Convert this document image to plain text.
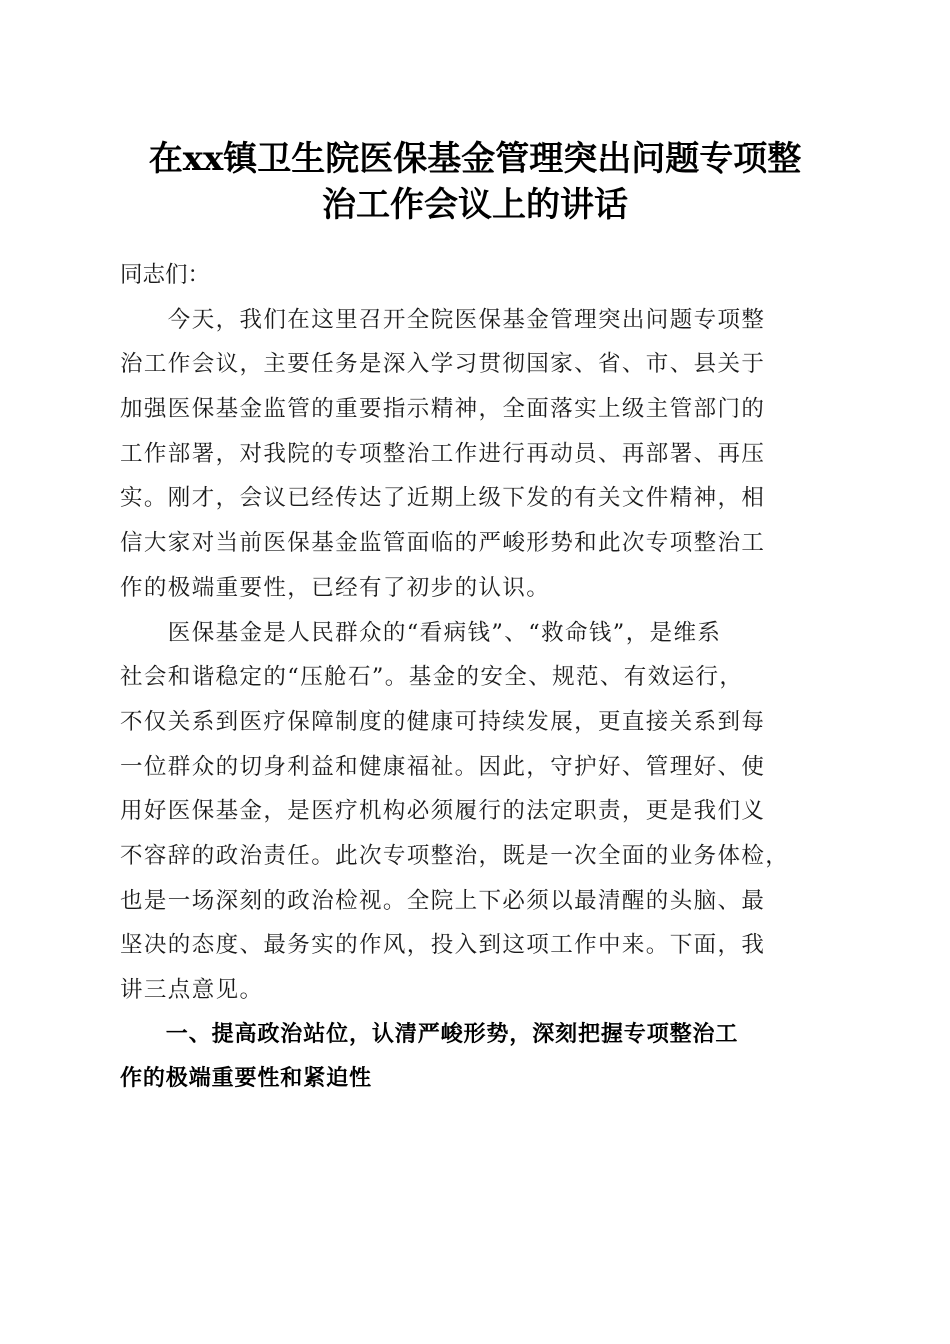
在xx镇卫生院医保基金管理突出问题专项整
治工作会议上的讲话
同志们：
　　今天，我们在这里召开全院医保基金管理突出问题专项整
治工作会议，主要任务是深入学习贯彻国家、省、市、县关于
加强医保基金监管的重要指示精神，全面落实上级主管部门的
工作部署，对我院的专项整治工作进行再动员、再部署、再压
实。刚才，会议已经传达了近期上级下发的有关文件精神，相
信大家对当前医保基金监管面临的严峻形势和此次专项整治工
作的极端重要性，已经有了初步的认识。
　　医保基金是人民群众的“看病钱”、“救命钱”，是维系
社会和谐稳定的“压舱石”。基金的安全、规范、有效运行，
不仅关系到医疗保障制度的健康可持续发展，更直接关系到每
一位群众的切身利益和健康福祉。因此，守护好、管理好、使
用好医保基金，是医疗机构必须履行的法定职责，更是我们义
不容辞的政治责任。此次专项整治，既是一次全面的业务体检，
也是一场深刻的政治检视。全院上下必须以最清醒的头脑、最
坚决的态度、最务实的作风，投入到这项工作中来。下面，我
讲三点意见。
　　一、提高政治站位，认清严峻形势，深刻把握专项整治工
作的极端重要性和紧迫性
